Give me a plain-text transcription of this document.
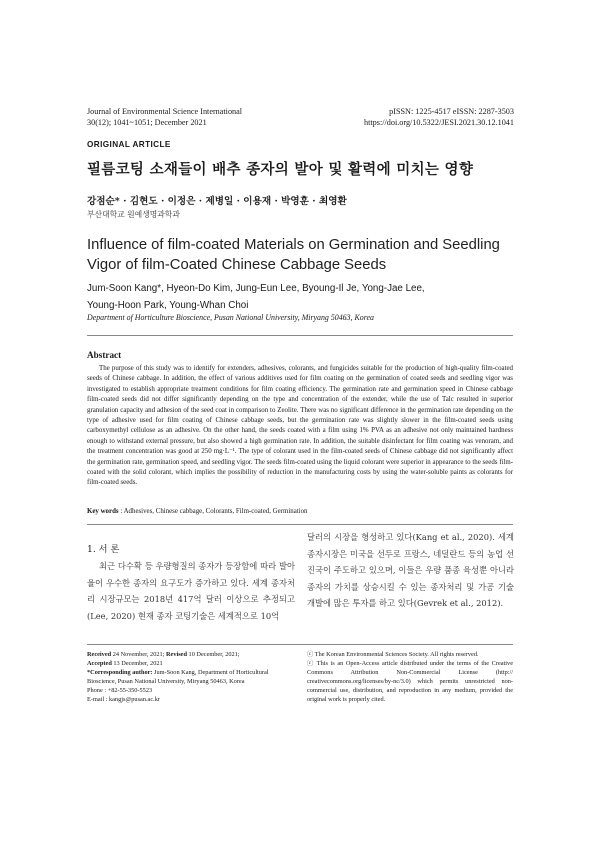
Journal of Environmental Science International
30(12); 1041~1051; December 2021
pISSN: 1225-4517 eISSN: 2287-3503
https://doi.org/10.5322/JESI.2021.30.12.1041
ORIGINAL ARTICLE
필름코팅 소재들이 배추 종자의 발아 및 활력에 미치는 영향
강점순* · 김현도 · 이정은 · 제병일 · 이용재 · 박영훈 · 최영환
부산대학교 원예생명과학과
Influence of film-coated Materials on Germination and Seedling
Vigor of film-Coated Chinese Cabbage Seeds
Jum-Soon Kang*, Hyeon-Do Kim, Jung-Eun Lee, Byoung-Il Je, Yong-Jae Lee,
Young-Hoon Park, Young-Whan Choi
Department of Horticulture Bioscience, Pusan National University, Miryang 50463, Korea
Abstract

The purpose of this study was to identify for extenders, adhesives, colorants, and fungicides suitable for the production of high-quality film-coated seeds of Chinese cabbage. In addition, the effect of various additives used for film coating on the germination of coated seeds and seedling vigor was investigated to establish appropriate treatment conditions for film coating efficiency. The germination rate and germination speed in Chinese cabbage film-coated seeds did not differ significantly depending on the type and concentration of the extender, while the use of Talc resulted in superior granulation capacity and adhesion of the seed coat in comparison to Zeolite. There was no significant difference in the germination rate depending on the type of adhesive used for film coating of Chinese cabbage seeds, but the germination rate was slightly slower in the film-coated seeds using carboxymethyl cellulose as an adhesive. On the other hand, the seeds coated with a film using 1% PVA as an adhesive not only maintained hardness enough to withstand external pressure, but also showed a high germination rate. In addition, the suitable disinfectant for film coating was venoram, and the treatment concentration was good at 250 mg·L⁻¹. The type of colorant used in the film-coated seeds of Chinese cabbage did not significantly affect the germination rate, germination speed, and seedling vigor. The seeds film-coated using the liquid colorant were superior in appearance to the seeds film-coated with the solid colorant, which implies the possibility of reduction in the manufacturing costs by using the water-soluble paints as colorants for film-coated seeds.

Key words : Adhesives, Chinese cabbage, Colorants, Film-coated, Germination
1. 서 론

최근 다수확 등 우량형질의 종자가 등장함에 따라 발아율이 우수한 종자의 요구도가 증가하고 있다. 세계 종자처리 시장규모는 2018년 417억 달러 이상으로 추정되고(Lee, 2020) 현재 종자 코팅기술은 세계적으로 10억

달러의 시장을 형성하고 있다(Kang et al., 2020). 세계 종자시장은 미국을 선두로 프랑스, 네덜란드 등의 농업 선진국이 주도하고 있으며, 이들은 우량 품종 육성뿐 아니라 종자의 가치를 상승시킬 수 있는 종자처리 및 가공 기술 개발에 많은 투자를 하고 있다(Gevrek et al., 2012).

Received 24 November, 2021; Revised 10 December, 2021;
Accepted 13 December, 2021
*Corresponding author: Jum-Soon Kang, Department of Horticultural Bioscience, Pusan National University, Miryang 50463, Korea
Phone : +82-55-350-5523
E-mail : kangjs@pusan.ac.kr
ⓒ The Korean Environmental Sciences Society. All rights reserved.
ⓒ This is an Open-Access article distributed under the terms of the Creative Commons Attribution Non-Commercial License (http:// creativecommons.org/licenses/by-nc/3.0) which permits unrestricted non-commercial use, distribution, and reproduction in any medium, provided the original work is properly cited.
